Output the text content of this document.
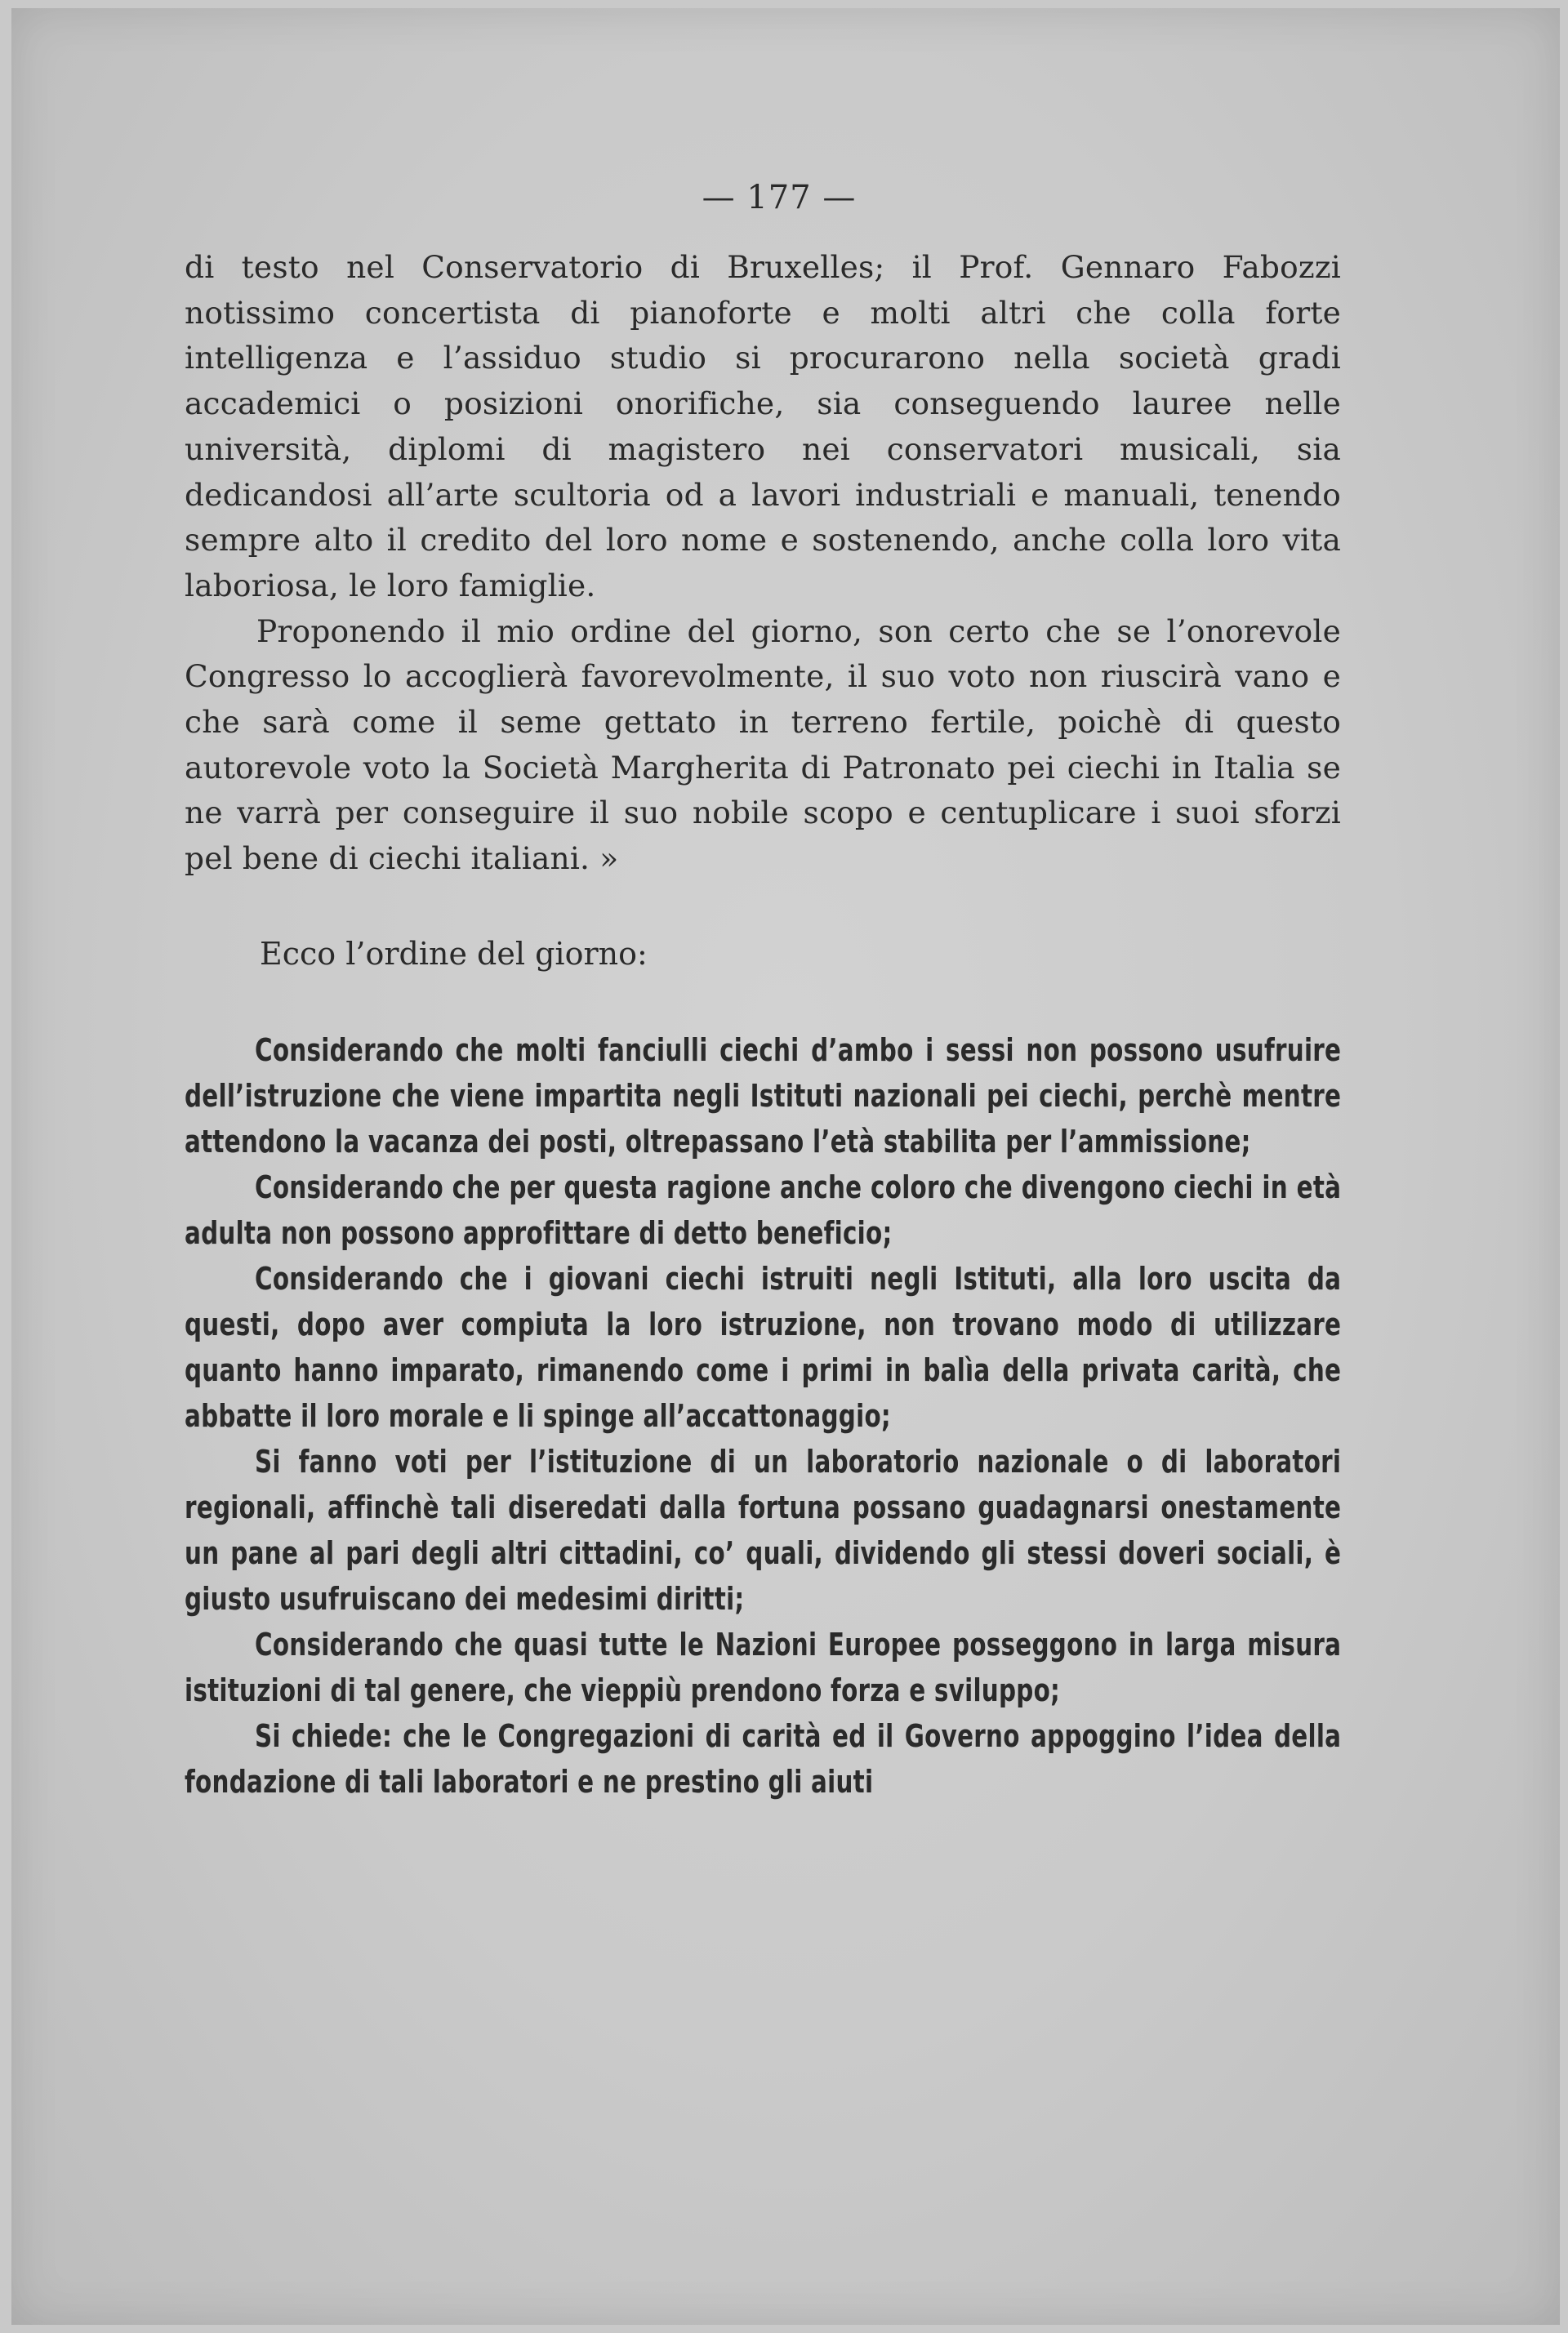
— 177 —

di testo nel Conservatorio di Bruxelles; il Prof. Gennaro Fabozzi notissimo concertista di pianoforte e molti altri che colla forte intelligenza e l’assiduo studio si procurarono nella società gradi accademici o posizioni onorifiche, sia conseguendo lauree nelle università, diplomi di magistero nei conservatori musicali, sia dedicandosi all’arte scultoria od a lavori industriali e manuali, tenendo sempre alto il credito del loro nome e sostenendo, anche colla loro vita laboriosa, le loro famiglie.

Proponendo il mio ordine del giorno, son certo che se l’onorevole Congresso lo accoglierà favorevolmente, il suo voto non riuscirà vano e che sarà come il seme gettato in terreno fertile, poichè di questo autorevole voto la Società Margherita di Patronato pei ciechi in Italia se ne varrà per conseguire il suo nobile scopo e centuplicare i suoi sforzi pel bene di ciechi italiani. »

Ecco l’ordine del giorno:

Considerando che molti fanciulli ciechi d’ambo i sessi non possono usufruire dell’istruzione che viene impartita negli Istituti nazionali pei ciechi, perchè mentre attendono la vacanza dei posti, oltrepassano l’età stabilita per l’ammissione;

Considerando che per questa ragione anche coloro che divengono ciechi in età adulta non possono approfittare di detto beneficio;

Considerando che i giovani ciechi istruiti negli Istituti, alla loro uscita da questi, dopo aver compiuta la loro istruzione, non trovano modo di utilizzare quanto hanno imparato, rimanendo come i primi in balìa della privata carità, che abbatte il loro morale e li spinge all’accattonaggio;

Si fanno voti per l’istituzione di un laboratorio nazionale o di laboratori regionali, affinchè tali diseredati dalla fortuna possano guadagnarsi onestamente un pane al pari degli altri cittadini, co’ quali, dividendo gli stessi doveri sociali, è giusto usufruiscano dei medesimi diritti;

Considerando che quasi tutte le Nazioni Europee posseggono in larga misura istituzioni di tal genere, che vieppiù prendono forza e sviluppo;

Si chiede: che le Congregazioni di carità ed il Governo appoggino l’idea della fondazione di tali laboratori e ne prestino gli aiuti
